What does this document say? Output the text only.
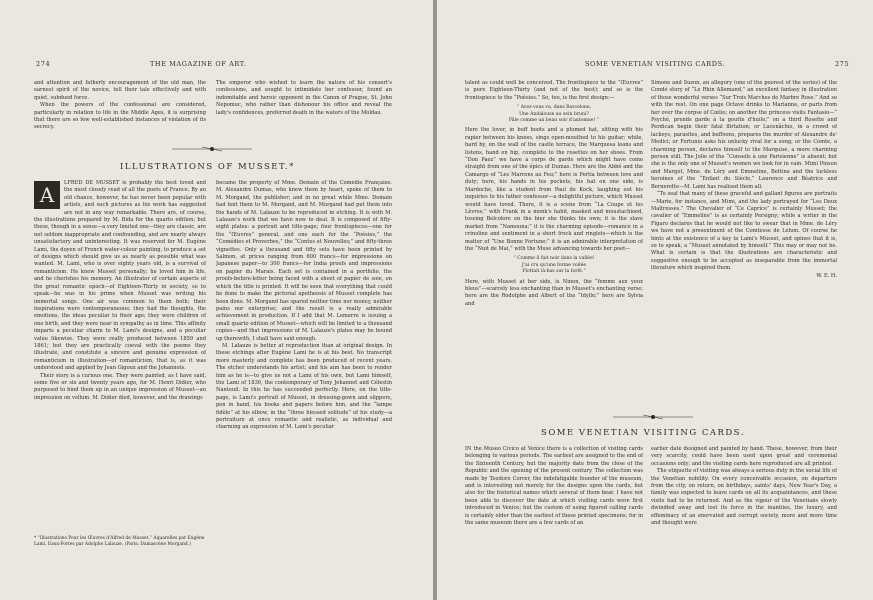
274	THE MAGAZINE OF ART.

and attention and fatherly encouragement of the old man, the earnest spirit of the novice, tell their tale effectively and with quiet, subdued force.

When the powers of the confessional are considered, particularly in relation to life in the Middle Ages, it is surprising that there are so few well-established instances of violation of its secrecy.

The emperor who wished to learn the nature of his consort's confessions, and sought to intimidate her confessor, found an indomitable and heroic opponent in the Canon of Prague, St. John Nepomuc, who rather than dishonour his office and reveal the lady's confidences, preferred death in the waters of the Moldau.

ILLUSTRATIONS OF MUSSET.*

A	LFRED DE MUSSET is probably the best loved and the most closely read of all the poets of France. By an old chance, however, he has never been popular with artists, and such pictures as his work has suggested are not in any way remarkable. There are, of course, the illustrations prepared by M. Bida for the quarto edition; but these, though in a sense—a very limited one—they are classic, are not seldom inappropriate and confounding, and are nearly always unsatisfactory and uninteresting. It was reserved for M. Eugène Lami, the doyen of French water-colour painting, to produce a set of designs which should give us as nearly as possible what was wanted. M. Lami, who is over eighty years old, is a survival of romanticism. He knew Musset personally; he loved him in life, and he cherishes his memory. An illustrator of certain aspects of the great romantic epoch—of Eighteen-Thirty in society, so to speak—he was in his prime when Musset was writing his immortal songs. One air was common to them both; their inspirations were contemporaneous; they had the thoughts, the emotions, the ideas peculiar to their age; they were children of one birth, and they were near in sympathy as in time. This affinity imparts a peculiar charm to M. Lami's designs, and a peculiar value likewise. They were really produced between 1859 and 1861; but they are practically coeval with the poems they illustrate, and constitute a sincere and genuine expression of romanticism in illustration—of romanticism, that is, as it was understood and applied by Jean Gigoux and the Johannots.

Their story is a curious one. They were painted, as I have said, some five or six and twenty years ago, for M. Henri Didier, who purposed to bind them up in an unique impression of Musset—an impression on vellum. M. Didier died, however, and the drawings

* “Illustrations Pour les Œuvres d'Alfred de Musset.” Aquarelles par Eugène Lami. Eaux-Fortes par Adolphe Lalauze. (Paris: Damascène Morgand.)

became the property of Mme. Demain of the Comédie Française. M. Alexandre Dumas, who knew them by heart, spoke of them to M. Morgand, the publisher; and in no great while Mme. Demain had lent them to M. Morgand, and M. Morgand had put them into the hands of M. Lalauze to be reproduced in etching. It is with M. Lalauze's work that we have now to deal. It is composed of fifty-eight plates: a portrait and title-page; four frontispieces—one for the “Œuvres” general, and one each for the “Poésies,” the “Comédies et Proverbes,” the “Contes et Nouvelles;” and fifty-three vignettes. Only a thousand and fifty sets have been printed by Salmon, at prices ranging from 600 francs—for impressions on Japanese paper—to 300 francs—for India proofs and impressions on papier du Marais. Each set is contained in a portfolio, the proofs-before-letter being faced with a sheet of papier de soie, on which the title is printed. It will be seen that everything that could be done to make the pictorial apotheosis of Musset complete has been done. M. Morgand has spared neither time nor money, neither pains nor enterprise; and the result is a really admirable achievement in production. If I add that M. Lemerre is issuing a small quarto edition of Musset—which will be limited to a thousand copies—and that impressions of M. Lalauze's plates may be bound up therewith, I shall have said enough.

M. Lalauze is better at reproduction than at original design. In these etchings after Eugène Lami he is at his best. No transcript more masterly and complete has been produced of recent years. The etcher understands his artist; and his aim has been to render him as he is—to give us not a Lami of his own, but Lami himself, the Lami of 1830, the contemporary of Tony Johannot and Célestin Nanteuil. In this he has succeeded perfectly. Here, on the title-page, is Lami's portrait of Musset, in dressing-gown and slippers, pen in hand, his books and papers before him, and the “lampe fidèle” at his elbow, in the “three blessed solitude” of his study—a portraiture at once romantic and realistic, as individual and charming an expression of M. Lami's peculiar

SOME VENETIAN VISITING CARDS.	275

talent as could well be conceived. The frontispiece to the “Œuvres” is pure Eighteen-Thirty (and not of the best); and so is the frontispiece to the “Poésies.” So, too, is the first design:—

“ Avez-vous vu, dans Barcelone,
Une Andalouse au sein bruni?
Pâle comme un beau soir d'automne! ”

Here the lover, in buff boots and a plumed hat, sitting with his rapier between his knees, sings open-mouthed to his guitar; while, hard by, on the wall of the castle terrace, the Marquesa leans and listens, hand on hip, complete to the rosettes on her shoes. From “Don Paez” we have a corps de garde which might have come straight from one of the épics of Dumas. Here are the Abbé and the Camargo of “Les Marrons au Feu;” here is Portia between love and duty; here, his hands in his pockets, his hat on one side, is Mardoche, like a student from Paul de Kock, laughing out his inquiries to his father confessor—a delightful picture, which Musset would have loved. There, it is a scene from “La Coupe et les Lèvres,” with Frank in a monk's habit, masked and moustachioed, tossing Belcolore on the bier she thinks his own; it is the slave market from “Namouna;” it is the charming episode—romance in a crinoline and sentiment in a short frock and ringlets—which is the matter of “Une Bonne Fortune;” it is an admirable interpretation of the “Nuit de Mai,” with the Muse advancing towards her poet—

“ Comme il fait noir dans la vallée!
J'ai cru qu'une forme voilée
Flottait là-bas sur la forêt.”

Here, with Musset at her side, is Ninon, the “femme aux yeux bleus”—scarcely less enchanting than in Musset's enchanting verse; here are the Rodolphe and Albert of the “Idylle;” here are Sylvia and

Simone and Suzon, an allegory (one of the poorest of the series) of the Condé story of “Le Rhin Allemand,” an excellent fantasy in illustration of those wonderful verses “Sur Trois Marches de Marbre Rose.” And so with the rest. On one page Octave drinks to Marianne, or parts from her over the corpse of Cœlio; on another the princess visits Fantasio—“ Psyché, prends garde à ta goutte d'huile;” on a third Rosette and Perdican begin their fatal flirtation; or Lacenâchio, in a crowd of lackeys, parasites, and buffoons, prepares the murder of Alexandre de' Medici; or Fortunio asks his unlucky rival for a song; or the Comte, a charming person, declares himself to the Marquise, a more charming person still. The Jolie of the “Conseils à une Parisienne” is absent; but she is the only one of Musset's women we look for in vain. Mimi Pinson and Margot, Mme. de Léry and Emmeline, Bettine and the luckless heroines of the “Enfant du Siècle,” Laurence and Béatrice and Bernerette—M. Lami has realised them all.

“To seal that many of these graceful and gallant figures are portraits—Marie, for instance, and Mimi, and the lady portrayed for “Les Deux Maîtresses.” The Chevalier of “Ce Caprice” is certainly Musset; the cavalier of “Emmeline” is as certainly Persigny; while a writer in the Figaro declares that he would not like to swear that in Mme. de Léry we have not a presentment of the Comtesse de Lehon. Of course he hints at the existence of a key to Lami's Musset, and opines that it is, so to speak, a “Musset annotated by himself.” This may or may not be. What is certain is that the illustrations are characteristic and suggestive enough to be accepted as inseparable from the immortal literature which inspired them.

W. E. H.
SOME VENETIAN VISITING CARDS.

IN the Museo Civico at Venice there is a collection of visiting cards belonging to various periods. The earliest are assigned to the end of the Sixteenth Century, but the majority date from the close of the Republic and the opening of the present century. The collection was made by Teodoro Correr, the indefatigable founder of the museum, and is interesting not merely for the designs upon the cards, but also for the historical names which several of them bear. I have not been able to discover the date at which visiting cards were first introduced in Venice; but the custom of using figured calling cards is certainly older than the earliest of these printed specimens; for in the same museum there are a few cards of an

earlier date designed and painted by hand. These, however, from their very scarcity, could have been used upon great and ceremonial occasions only; and the visiting cards here reproduced are all printed.

The etiquette of visiting was always a serious duty in the social life of the Venetian nobility. On every conceivable occasion, on departure from the city, on return, on birthdays, saints' days, New Year's Day, a family was expected to leave cards on all its acquaintances, and these visits had to be returned. And as the vigour of the Venetians slowly dwindled away and lost its force in the inanities, the luxury, and effeminacy of an enervated and corrupt society, more and more time and thought were
